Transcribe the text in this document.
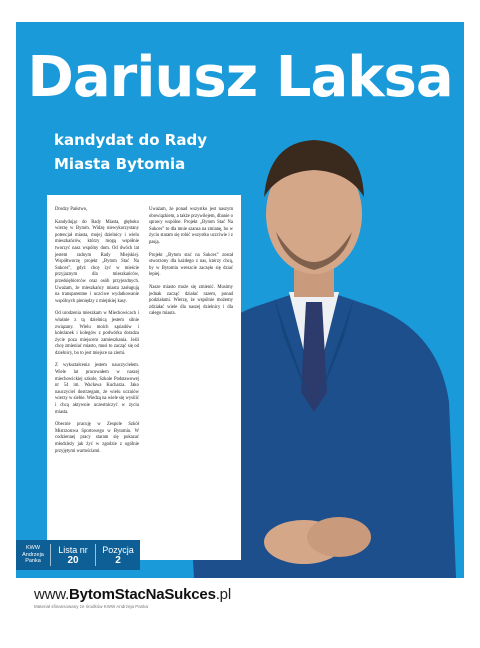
Dariusz Laksa
kandydat do Rady
Miasta Bytomia

Drodzy Państwo,

Kandydując do Rady Miasta, głęboko wierzę w Bytom. Widzę niewykorzystany potencjał miasta, mojej dzielnicy i wielu mieszkańców, którzy mogą współnie tworzyć nasz wspólny dom. Od dwóch lat jestem radnym Rady Miejskiej. Współtworzę projekt „Bytom Stać Na Sukces”, gdyż chcę żyć w mieście przyjaznym dla mieszkańców, przedsiębiorców oraz osób przyjezdnych. Uważam, że mieszkańcy miasta zasługują na transparentne i uczciwe wydatkowanie wspólnych pieniędzy z miejskiej kasy.

Od urodzenia mieszkam w Miechowicach i właśnie z tą dzielnicą jestem silnie związany. Wielu moich sąsiadów i koleżanek i kolegów z podwórka doradza życie poza miejscem zamieszkania. Jeśli chcę zmieniać miasto, musi to zacząć się od dzielnicy, bo to jest miejsce na ziemi.

Z wykształcenia jestem nauczycielem. Wiele lat pracowałem w naszej miechowickiej szkole, Szkole Podstawowej nr 54 im. Wacława Kucharza. Jako nauczyciel dostrzegam, że wielu uczniów wierzy w siebie. Wiedzą na wiele się wysilić i chcą aktywnie uczestniczyć w życiu miasta.

Obecnie pracuję w Zespole Szkół Mistrzostwa Sportowego w Bytomiu. W codziennej pracy staram się pokazać młodzieży jak żyć w zgodzie z ogólnie przyjętymi wartościami.

Uważam, że ponad wszystko jest naszym obowiązkiem, a także przywilejem, dbanie o sprawy wspólne. Projekt „Bytom Stać Na Sukces” to dla mnie szansa na zmianę, bo w życiu staram się robić wszystko uczciwie i z pasją.

Projekt „Bytom stać na Sukces” został stworzony dla każdego z nas, którzy chcą, by w Bytomiu wreszcie zaczęło się dziać lepiej.

Nasze miasto może się zmienić. Musimy jednak zacząć działać razem, ponad podziałami. Wierzę, że wspólnie możemy zdziałać wiele dla naszej dzielnicy i dla całego miasta.

KWW
Andrzeja
Panka
Lista nr
20
Pozycja
2
www.BytomStacNaSukces.pl
Materiał sfinansowany ze środków KWW Andrzeja Panka
